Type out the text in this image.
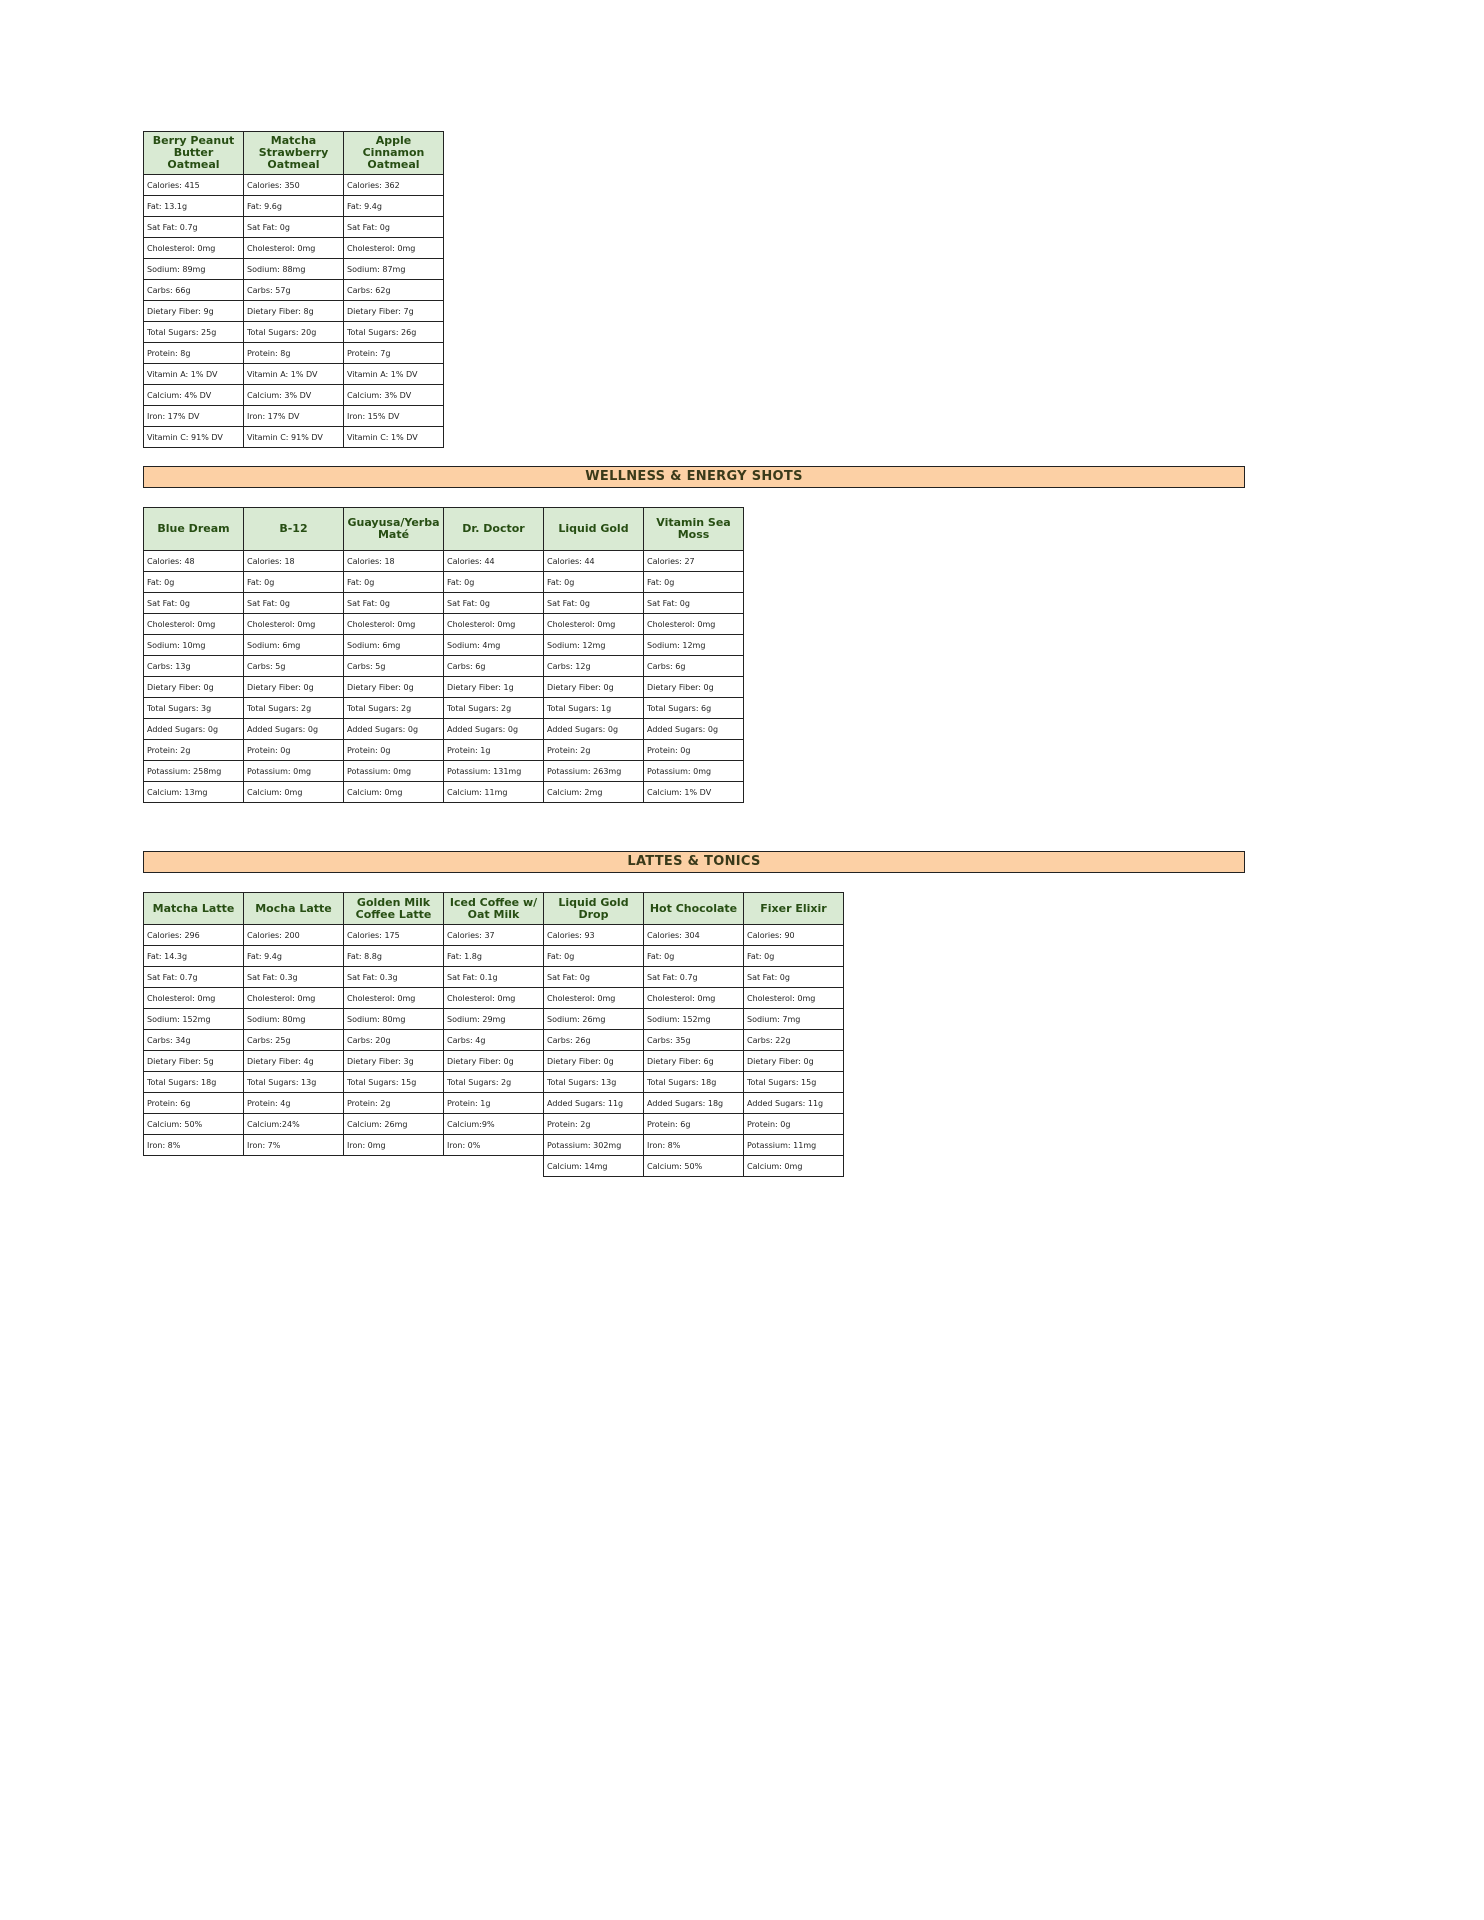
Berry Peanut Butter Oatmeal	Matcha Strawberry Oatmeal	Apple Cinnamon Oatmeal
Calories: 415	Calories: 350	Calories: 362
Fat: 13.1g	Fat: 9.6g	Fat: 9.4g
Sat Fat: 0.7g	Sat Fat: 0g	Sat Fat: 0g
Cholesterol: 0mg	Cholesterol: 0mg	Cholesterol: 0mg
Sodium: 89mg	Sodium: 88mg	Sodium: 87mg
Carbs: 66g	Carbs: 57g	Carbs: 62g
Dietary Fiber: 9g	Dietary Fiber: 8g	Dietary Fiber: 7g
Total Sugars: 25g	Total Sugars: 20g	Total Sugars: 26g
Protein: 8g	Protein: 8g	Protein: 7g
Vitamin A: 1% DV	Vitamin A: 1% DV	Vitamin A: 1% DV
Calcium: 4% DV	Calcium: 3% DV	Calcium: 3% DV
Iron: 17% DV	Iron: 17% DV	Iron: 15% DV
Vitamin C: 91% DV	Vitamin C: 91% DV	Vitamin C: 1% DV
WELLNESS & ENERGY SHOTS
Blue Dream	B-12	Guayusa/Yerba Maté	Dr. Doctor	Liquid Gold	Vitamin Sea Moss
Calories: 48	Calories: 18	Calories: 18	Calories: 44	Calories: 44	Calories: 27
Fat: 0g	Fat: 0g	Fat: 0g	Fat: 0g	Fat: 0g	Fat: 0g
Sat Fat: 0g	Sat Fat: 0g	Sat Fat: 0g	Sat Fat: 0g	Sat Fat: 0g	Sat Fat: 0g
Cholesterol: 0mg	Cholesterol: 0mg	Cholesterol: 0mg	Cholesterol: 0mg	Cholesterol: 0mg	Cholesterol: 0mg
Sodium: 10mg	Sodium: 6mg	Sodium: 6mg	Sodium: 4mg	Sodium: 12mg	Sodium: 12mg
Carbs: 13g	Carbs: 5g	Carbs: 5g	Carbs: 6g	Carbs: 12g	Carbs: 6g
Dietary Fiber: 0g	Dietary Fiber: 0g	Dietary Fiber: 0g	Dietary Fiber: 1g	Dietary Fiber: 0g	Dietary Fiber: 0g
Total Sugars: 3g	Total Sugars: 2g	Total Sugars: 2g	Total Sugars: 2g	Total Sugars: 1g	Total Sugars: 6g
Added Sugars: 0g	Added Sugars: 0g	Added Sugars: 0g	Added Sugars: 0g	Added Sugars: 0g	Added Sugars: 0g
Protein: 2g	Protein: 0g	Protein: 0g	Protein: 1g	Protein: 2g	Protein: 0g
Potassium: 258mg	Potassium: 0mg	Potassium: 0mg	Potassium: 131mg	Potassium: 263mg	Potassium: 0mg
Calcium: 13mg	Calcium: 0mg	Calcium: 0mg	Calcium: 11mg	Calcium: 2mg	Calcium: 1% DV
LATTES & TONICS
Matcha Latte	Mocha Latte	Golden Milk Coffee Latte	Iced Coffee w/ Oat Milk	Liquid Gold Drop	Hot Chocolate	Fixer Elixir
Calories: 296	Calories: 200	Calories: 175	Calories: 37	Calories: 93	Calories: 304	Calories: 90
Fat: 14.3g	Fat: 9.4g	Fat: 8.8g	Fat: 1.8g	Fat: 0g	Fat: 0g	Fat: 0g
Sat Fat: 0.7g	Sat Fat: 0.3g	Sat Fat: 0.3g	Sat Fat: 0.1g	Sat Fat: 0g	Sat Fat: 0.7g	Sat Fat: 0g
Cholesterol: 0mg	Cholesterol: 0mg	Cholesterol: 0mg	Cholesterol: 0mg	Cholesterol: 0mg	Cholesterol: 0mg	Cholesterol: 0mg
Sodium: 152mg	Sodium: 80mg	Sodium: 80mg	Sodium: 29mg	Sodium: 26mg	Sodium: 152mg	Sodium: 7mg
Carbs: 34g	Carbs: 25g	Carbs: 20g	Carbs: 4g	Carbs: 26g	Carbs: 35g	Carbs: 22g
Dietary Fiber: 5g	Dietary Fiber: 4g	Dietary Fiber: 3g	Dietary Fiber: 0g	Dietary Fiber: 0g	Dietary Fiber: 6g	Dietary Fiber: 0g
Total Sugars: 18g	Total Sugars: 13g	Total Sugars: 15g	Total Sugars: 2g	Total Sugars: 13g	Total Sugars: 18g	Total Sugars: 15g
Protein: 6g	Protein: 4g	Protein: 2g	Protein: 1g	Added Sugars: 11g	Added Sugars: 18g	Added Sugars: 11g
Calcium: 50%	Calcium:24%	Calcium: 26mg	Calcium:9%	Protein: 2g	Protein: 6g	Protein: 0g
Iron: 8%	Iron: 7%	Iron: 0mg	Iron: 0%	Potassium: 302mg	Iron: 8%	Potassium: 11mg
				Calcium: 14mg	Calcium: 50%	Calcium: 0mg
